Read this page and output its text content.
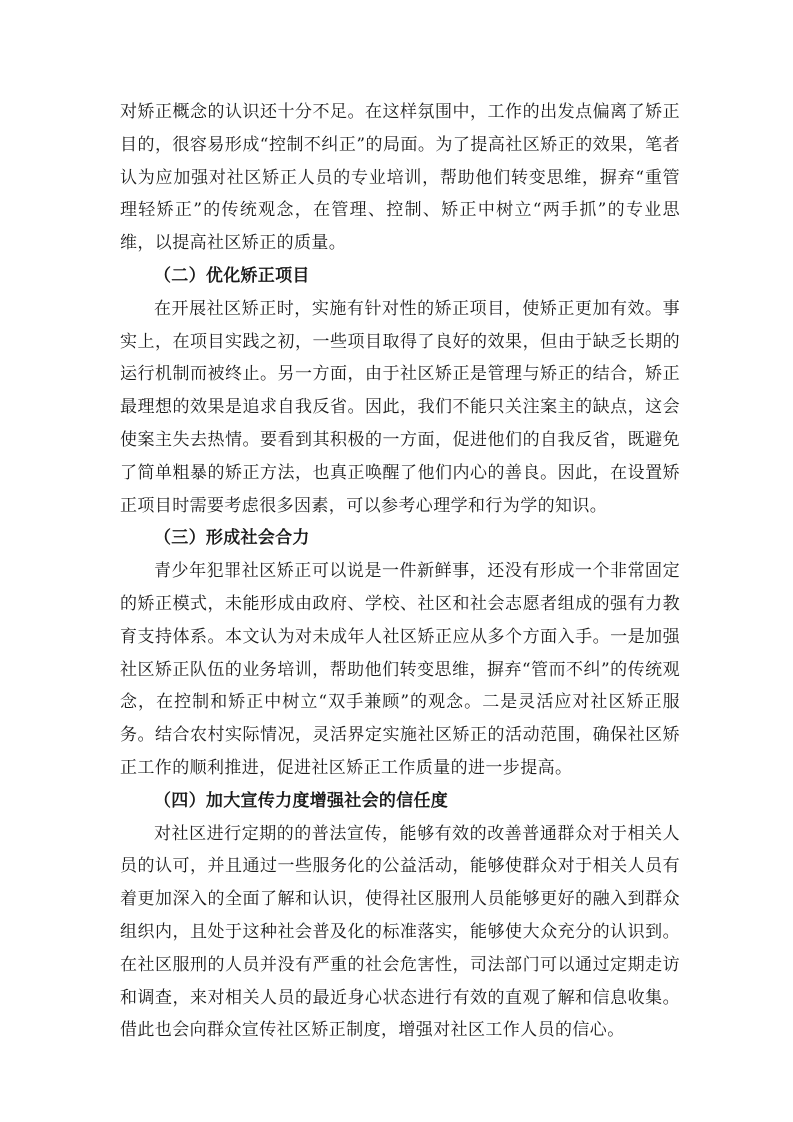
对矫正概念的认识还十分不足。在这样氛围中，工作的出发点偏离了矫正目的，很容易形成“控制不纠正”的局面。为了提高社区矫正的效果，笔者认为应加强对社区矫正人员的专业培训，帮助他们转变思维，摒弃“重管理轻矫正”的传统观念，在管理、控制、矫正中树立“两手抓”的专业思维，以提高社区矫正的质量。

（二）优化矫正项目

在开展社区矫正时，实施有针对性的矫正项目，使矫正更加有效。事实上，在项目实践之初，一些项目取得了良好的效果，但由于缺乏长期的运行机制而被终止。另一方面，由于社区矫正是管理与矫正的结合，矫正最理想的效果是追求自我反省。因此，我们不能只关注案主的缺点，这会使案主失去热情。要看到其积极的一方面，促进他们的自我反省，既避免了简单粗暴的矫正方法，也真正唤醒了他们内心的善良。因此，在设置矫正项目时需要考虑很多因素，可以参考心理学和行为学的知识。

（三）形成社会合力

青少年犯罪社区矫正可以说是一件新鲜事，还没有形成一个非常固定的矫正模式，未能形成由政府、学校、社区和社会志愿者组成的强有力教育支持体系。本文认为对未成年人社区矫正应从多个方面入手。一是加强社区矫正队伍的业务培训，帮助他们转变思维，摒弃“管而不纠”的传统观念，在控制和矫正中树立“双手兼顾”的观念。二是灵活应对社区矫正服务。结合农村实际情况，灵活界定实施社区矫正的活动范围，确保社区矫正工作的顺利推进，促进社区矫正工作质量的进一步提高。

（四）加大宣传力度增强社会的信任度

对社区进行定期的的普法宣传，能够有效的改善普通群众对于相关人员的认可，并且通过一些服务化的公益活动，能够使群众对于相关人员有着更加深入的全面了解和认识，使得社区服刑人员能够更好的融入到群众组织内，且处于这种社会普及化的标准落实，能够使大众充分的认识到。在社区服刑的人员并没有严重的社会危害性，司法部门可以通过定期走访和调查，来对相关人员的最近身心状态进行有效的直观了解和信息收集。借此也会向群众宣传社区矫正制度，增强对社区工作人员的信心。
